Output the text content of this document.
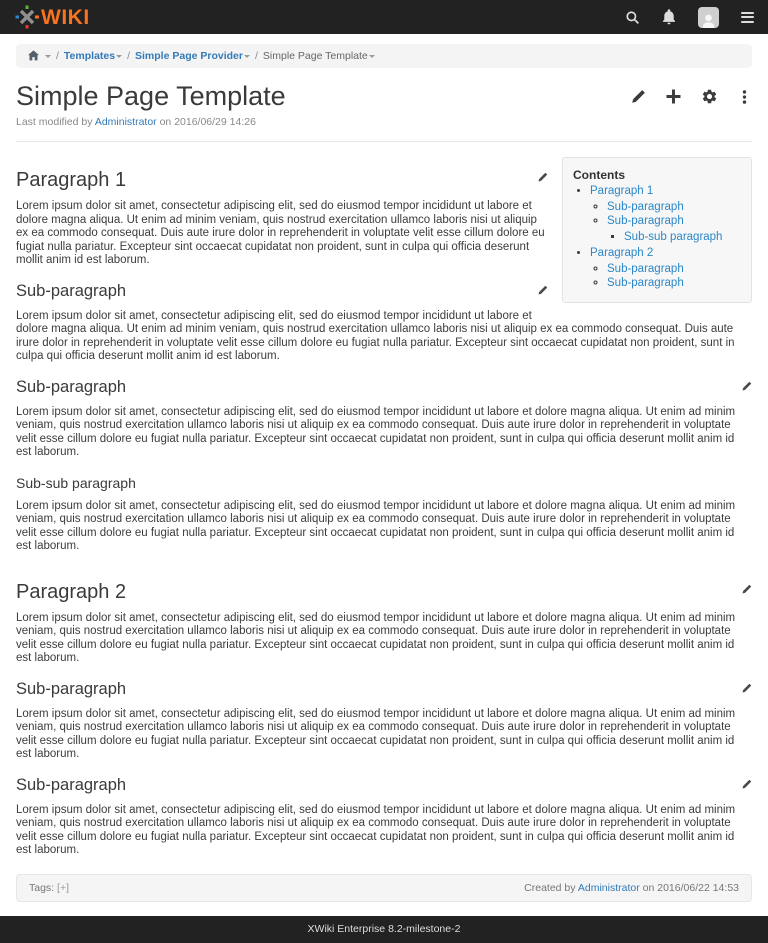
WIKI
/ Templates	/ Simple Page Provider	/ Simple Page Template
Simple Page Template
Last modified by Administrator on 2016/06/29 14:26
Contents
• Paragraph 1
◦ Sub-paragraph
◦ Sub-paragraph
▪ Sub-sub paragraph
• Paragraph 2
◦ Sub-paragraph
◦ Sub-paragraph
Paragraph 1

Lorem ipsum dolor sit amet, consectetur adipiscing elit, sed do eiusmod tempor incididunt ut labore et dolore magna aliqua. Ut enim ad minim veniam, quis nostrud exercitation ullamco laboris nisi ut aliquip ex ea commodo consequat. Duis aute irure dolor in reprehenderit in voluptate velit esse cillum dolore eu fugiat nulla pariatur. Excepteur sint occaecat cupidatat non proident, sunt in culpa qui officia deserunt mollit anim id est laborum.

Sub-paragraph

Lorem ipsum dolor sit amet, consectetur adipiscing elit, sed do eiusmod tempor incididunt ut labore et dolore magna aliqua. Ut enim ad minim veniam, quis nostrud exercitation ullamco laboris nisi ut aliquip ex ea commodo consequat. Duis aute irure dolor in reprehenderit in voluptate velit esse cillum dolore eu fugiat nulla pariatur. Excepteur sint occaecat cupidatat non proident, sunt in culpa qui officia deserunt mollit anim id est laborum.

Sub-paragraph

Lorem ipsum dolor sit amet, consectetur adipiscing elit, sed do eiusmod tempor incididunt ut labore et dolore magna aliqua. Ut enim ad minim veniam, quis nostrud exercitation ullamco laboris nisi ut aliquip ex ea commodo consequat. Duis aute irure dolor in reprehenderit in voluptate velit esse cillum dolore eu fugiat nulla pariatur. Excepteur sint occaecat cupidatat non proident, sunt in culpa qui officia deserunt mollit anim id est laborum.

Sub-sub paragraph

Lorem ipsum dolor sit amet, consectetur adipiscing elit, sed do eiusmod tempor incididunt ut labore et dolore magna aliqua. Ut enim ad minim veniam, quis nostrud exercitation ullamco laboris nisi ut aliquip ex ea commodo consequat. Duis aute irure dolor in reprehenderit in voluptate velit esse cillum dolore eu fugiat nulla pariatur. Excepteur sint occaecat cupidatat non proident, sunt in culpa qui officia deserunt mollit anim id est laborum.

Paragraph 2

Lorem ipsum dolor sit amet, consectetur adipiscing elit, sed do eiusmod tempor incididunt ut labore et dolore magna aliqua. Ut enim ad minim veniam, quis nostrud exercitation ullamco laboris nisi ut aliquip ex ea commodo consequat. Duis aute irure dolor in reprehenderit in voluptate velit esse cillum dolore eu fugiat nulla pariatur. Excepteur sint occaecat cupidatat non proident, sunt in culpa qui officia deserunt mollit anim id est laborum.

Sub-paragraph

Lorem ipsum dolor sit amet, consectetur adipiscing elit, sed do eiusmod tempor incididunt ut labore et dolore magna aliqua. Ut enim ad minim veniam, quis nostrud exercitation ullamco laboris nisi ut aliquip ex ea commodo consequat. Duis aute irure dolor in reprehenderit in voluptate velit esse cillum dolore eu fugiat nulla pariatur. Excepteur sint occaecat cupidatat non proident, sunt in culpa qui officia deserunt mollit anim id est laborum.

Sub-paragraph

Lorem ipsum dolor sit amet, consectetur adipiscing elit, sed do eiusmod tempor incididunt ut labore et dolore magna aliqua. Ut enim ad minim veniam, quis nostrud exercitation ullamco laboris nisi ut aliquip ex ea commodo consequat. Duis aute irure dolor in reprehenderit in voluptate velit esse cillum dolore eu fugiat nulla pariatur. Excepteur sint occaecat cupidatat non proident, sunt in culpa qui officia deserunt mollit anim id est laborum.

Tags: [+]	Created by Administrator on 2016/06/22 14:53
XWiki Enterprise 8.2-milestone-2
